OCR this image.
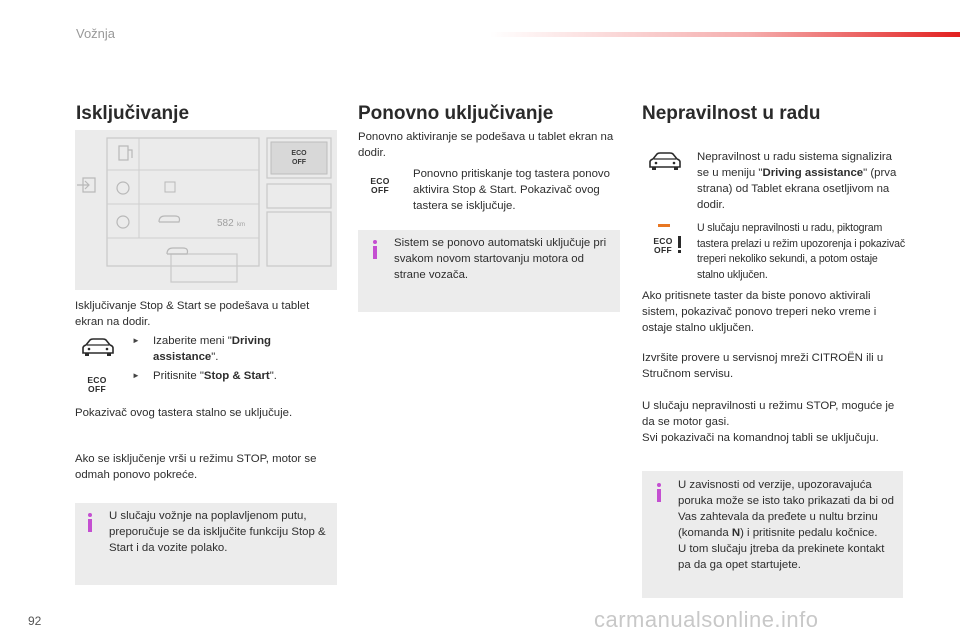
Vožnja
Isključivanje
582 km
ECO
OFF
Isključivanje Stop & Start se podešava u tablet ekran na dodir.
►	Izaberite meni "Driving assistance".
ECO
OFF
►	Pritisnite "Stop & Start".
Pokazivač ovog tastera stalno se uključuje.
Ako se isključenje vrši u režimu STOP, motor se odmah ponovo pokreće.
U slučaju vožnje na poplavljenom putu, preporučuje se da isključite funkciju Stop & Start i da vozite polako.
Ponovno uključivanje
Ponovno aktiviranje se podešava u tablet ekran na dodir.
ECO
OFF
Ponovno pritiskanje tog tastera ponovo aktivira Stop & Start. Pokazivač ovog tastera se isključuje.
Sistem se ponovo automatski uključuje pri svakom novom startovanju motora od strane vozača.
Nepravilnost u radu
Nepravilnost u radu sistema signalizira se u meniju "Driving assistance" (prva strana) od Tablet ekrana osetljivom na dodir.
ECO
OFF
U slučaju nepravilnosti u radu, piktogram tastera prelazi u režim upozorenja i pokazivač treperi nekoliko sekundi, a potom ostaje stalno uključen.
Ako pritisnete taster da biste ponovo aktivirali sistem, pokazivač ponovo treperi neko vreme i ostaje stalno uključen.
Izvršite provere u servisnoj mreži CITROËN ili u Stručnom servisu.
U slučaju nepravilnosti u režimu STOP, moguće je da se motor gasi.
Svi pokazivači na komandnoj tabli se uključuju.
U zavisnosti od verzije, upozoravajuća poruka može se isto tako prikazati da bi od Vas zahtevala da pređete u nultu brzinu (komanda N) i pritisnite pedalu kočnice.
U tom slučaju jtreba da prekinete kontakt pa da ga opet startujete.
92	carmanualsonline.info
